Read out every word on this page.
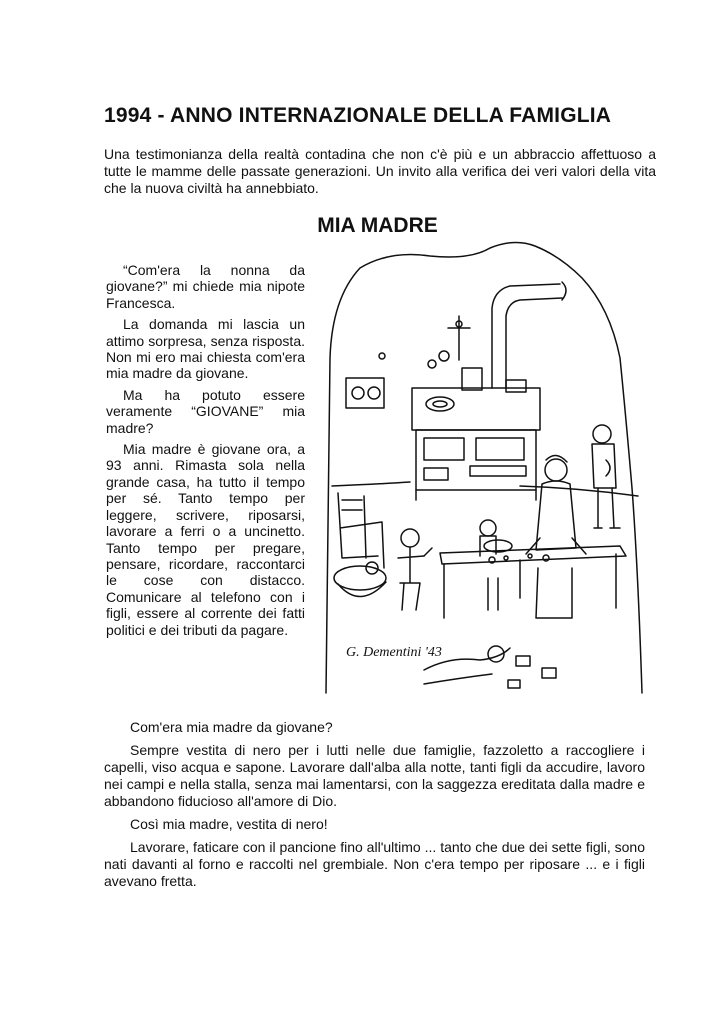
1994 - ANNO INTERNAZIONALE DELLA FAMIGLIA
Una testimonianza della realtà contadina che non c'è più e un abbraccio affettuoso a tutte le mamme delle passate generazioni. Un invito alla verifica dei veri valori della vita che la nuova civiltà ha annebbiato.
MIA MADRE

“Com'era la nonna da giovane?” mi chiede mia nipote Francesca.

La domanda mi lascia un attimo sorpresa, senza risposta. Non mi ero mai chiesta com'era mia madre da giovane.

Ma ha potuto essere veramente “GIOVANE” mia madre?

Mia madre è giovane ora, a 93 anni. Rimasta sola nella grande casa, ha tutto il tempo per sé. Tanto tempo per leggere, scrivere, riposarsi, lavorare a ferri o a uncinetto. Tanto tempo per pregare, pensare, ricordare, raccontarci le cose con distacco. Comunicare al telefono con i figli, essere al corrente dei fatti politici e dei tributi da pagare.

G. Dementini '43

Com'era mia madre da giovane?

Sempre vestita di nero per i lutti nelle due famiglie, fazzoletto a raccogliere i capelli, viso acqua e sapone. Lavorare dall'alba alla notte, tanti figli da accudire, lavoro nei campi e nella stalla, senza mai lamentarsi, con la saggezza ereditata dalla madre e abbandono fiducioso all'amore di Dio.

Così mia madre, vestita di nero!

Lavorare, faticare con il pancione fino all'ultimo ... tanto che due dei sette figli, sono nati davanti al forno e raccolti nel grembiale. Non c'era tempo per riposare ... e i figli avevano fretta.
